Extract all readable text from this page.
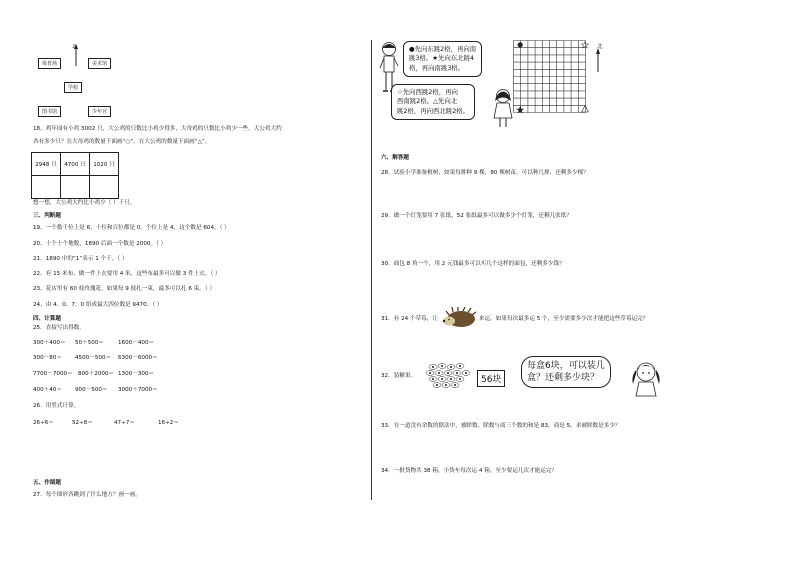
北
体育场	美术馆
学校
图书馆	少年宫
18、鸡年园有小鸡 3002 只，大公鸡的只数比小鸡少得多，大母鸡的只数比小鸡少一些。大公鸡大约
各有多少只？在大母鸡的数量下面画“○”，在大公鸡的数量下面画“△”。
2948 只	4700 只	1020 只

想一想，大公鸡大约比小鸡少（ ）千只。
三、判断题
19、一个数千位上是 6，十位和百位都是 0，个位上是 4，这个数是 604。（ ）
20、十个十个地数，1890 后面一个数是 2000。（ ）
21、1890 中的“1”表示 1 个千。（ ）
22、有 15 米布，做一件上衣要用 4 米，这些布最多可以做 3 件上衣。（ ）
23、花店里有 60 枝玫瑰花，如果每 9 枝扎一束，最多可以扎 6 束。（ ）
24、由 4、0、7、0 组成最大四位数是 9470。（ ）
四、计算题
25．直接写出得数。
300＋400＝ 50＋500＝	1600－400＝
300－80＝ 4500－500＝ 6300－6000＝
7700－7000＝ 800＋2000＝ 1300－300＝
400＋40＝ 900－500＝ 3000＋7000＝
26．用竖式计算。
26÷6＝	52÷8＝	47÷7＝	16÷2＝
五、作图题
27．每个图形各跳到了什么地方？画一画。
●先向东跳2格，再向南
跳3格。★先向东北跳4
格，再向南跳3格。
☆先向西跳2格，再向
西南跳2格。△先向北
跳2格，再向西北跳2格。
北
六、解答题
28．试验小学准备植树，如果每排种 9 棵，80 棵树苗，可以种几排，还剩多少棵？
29．做一个灯笼要用 7 张纸，52 张纸最多可以做多少个灯笼，还剩几张纸？
30．面包 8 角一个，用 2 元钱最多可以买几个这样的面包，还剩多少钱？
31．有 24 个草莓，让	来运。如果每次最多运 5 个，至少需要多少次才能把这些草莓运完？
32．装糖果。	56块
每盒6块，可以装几
盒？还剩多少块？
33．在一道没有余数的除法中，被除数、除数与商三个数的和是 83，商是 5，求被除数是多少？
34．一批货物共 38 箱，小货车每次运 4 箱，至少要运几次才能运完？
